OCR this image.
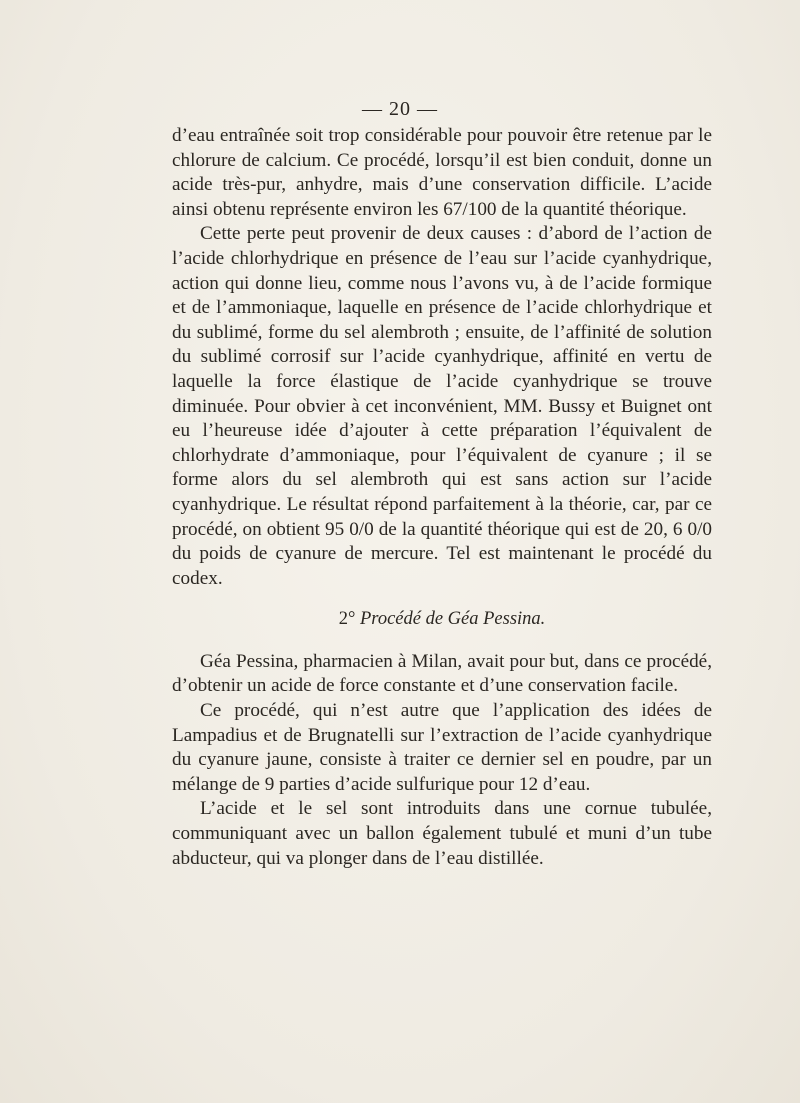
— 20 —

d’eau entraînée soit trop considérable pour pouvoir être retenue par le chlorure de calcium. Ce procédé, lorsqu’il est bien conduit, donne un acide très-pur, anhydre, mais d’une conservation difficile. L’acide ainsi obtenu représente environ les 67/100 de la quantité théorique.

Cette perte peut provenir de deux causes : d’abord de l’action de l’acide chlorhydrique en présence de l’eau sur l’acide cyanhydrique, action qui donne lieu, comme nous l’avons vu, à de l’acide formique et de l’ammoniaque, laquelle en présence de l’acide chlorhydrique et du sublimé, forme du sel alembroth ; ensuite, de l’affinité de solution du sublimé corrosif sur l’acide cyanhydrique, affinité en vertu de laquelle la force élastique de l’acide cyanhydrique se trouve diminuée. Pour obvier à cet inconvénient, MM. Bussy et Buignet ont eu l’heureuse idée d’ajouter à cette préparation l’équivalent de chlorhydrate d’ammoniaque, pour l’équivalent de cyanure ; il se forme alors du sel alembroth qui est sans action sur l’acide cyanhydrique. Le résultat répond parfaitement à la théorie, car, par ce procédé, on obtient 95 0/0 de la quantité théorique qui est de 20, 6 0/0 du poids de cyanure de mercure. Tel est maintenant le procédé du codex.

2° Procédé de Géa Pessina.

Géa Pessina, pharmacien à Milan, avait pour but, dans ce procédé, d’obtenir un acide de force constante et d’une conservation facile.

Ce procédé, qui n’est autre que l’application des idées de Lampadius et de Brugnatelli sur l’extraction de l’acide cyanhydrique du cyanure jaune, consiste à traiter ce dernier sel en poudre, par un mélange de 9 parties d’acide sulfurique pour 12 d’eau.

L’acide et le sel sont introduits dans une cornue tubulée, communiquant avec un ballon également tubulé et muni d’un tube abducteur, qui va plonger dans de l’eau distillée.
